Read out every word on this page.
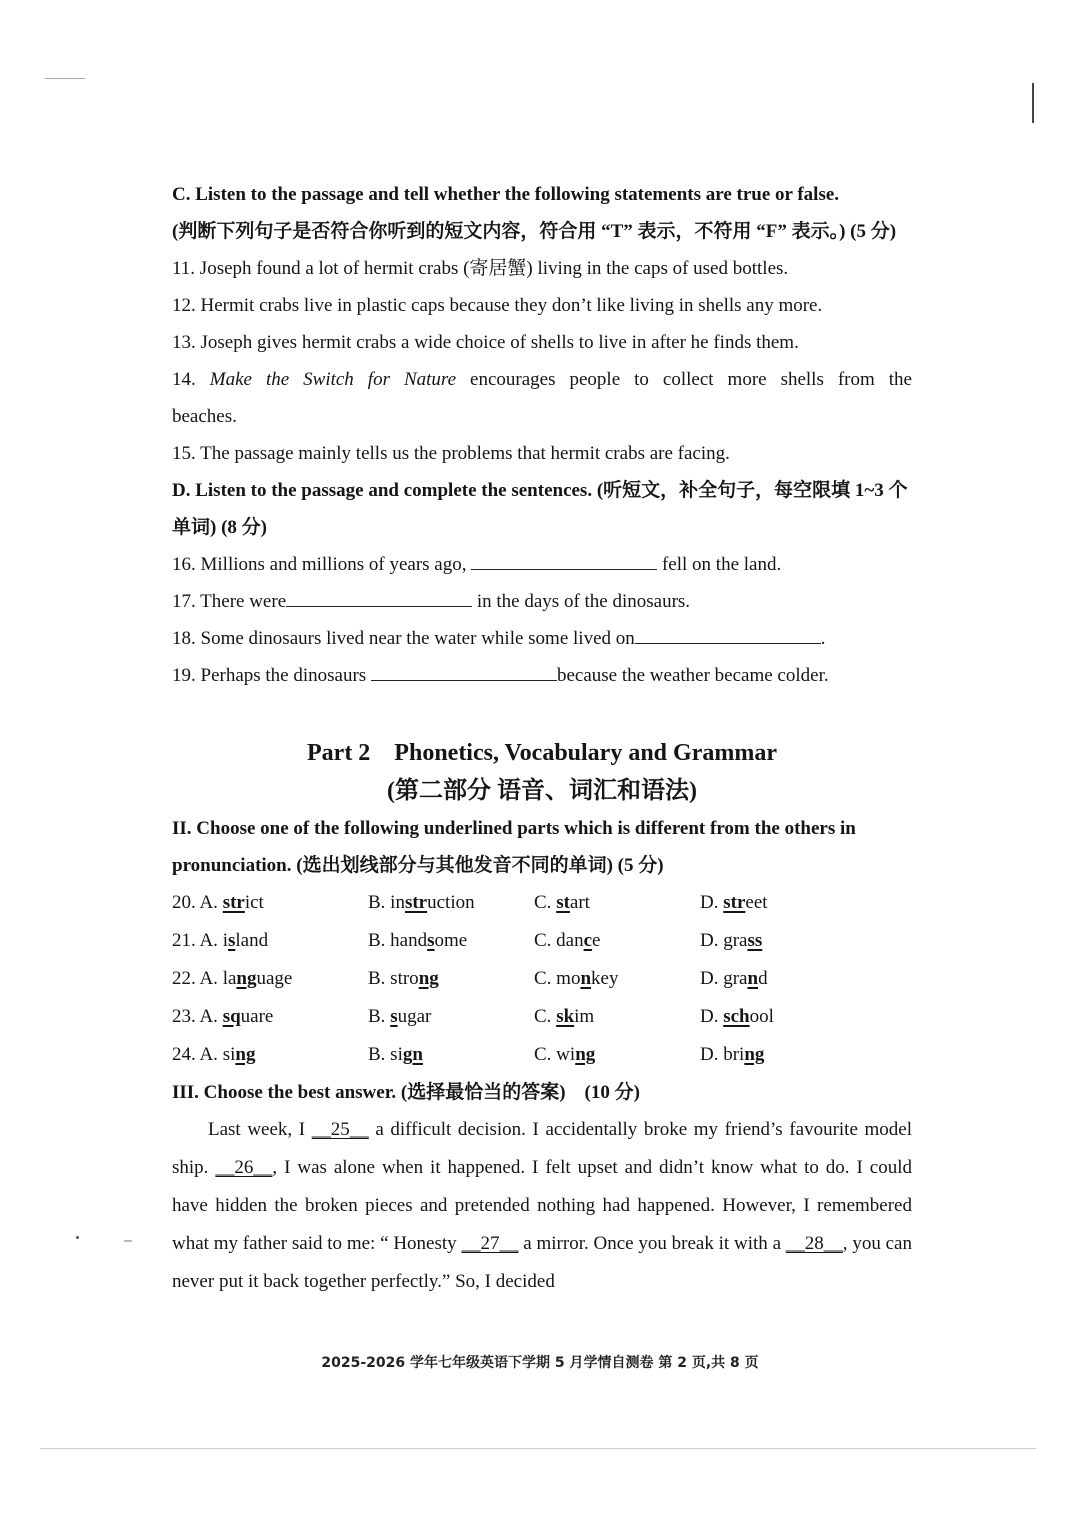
C. Listen to the passage and tell whether the following statements are true or false.
(判断下列句子是否符合你听到的短文内容，符合用 “T” 表示，不符用 “F” 表示。) (5 分)
11. Joseph found a lot of hermit crabs (寄居蟹) living in the caps of used bottles.
12. Hermit crabs live in plastic caps because they don’t like living in shells any more.
13. Joseph gives hermit crabs a wide choice of shells to live in after he finds them.
14. Make the Switch for Nature encourages people to collect more shells from the
beaches.
15. The passage mainly tells us the problems that hermit crabs are facing.
D. Listen to the passage and complete the sentences. (听短文，补全句子，每空限填 1~3 个单词) (8 分)
16. Millions and millions of years ago,	fell on the land.
17. There were	in the days of the dinosaurs.
18. Some dinosaurs lived near the water while some lived on	.
19. Perhaps the dinosaurs	because the weather became colder.
Part 2    Phonetics, Vocabulary and Grammar
(第二部分 语音、词汇和语法)
II. Choose one of the following underlined parts which is different from the others in pronunciation. (选出划线部分与其他发音不同的单词) (5 分)
20. A. strict	B. instruction	C. start	D. street
21. A. island	B. handsome	C. dance	D. grass
22. A. language	B. strong	C. monkey	D. grand
23. A. square	B. sugar	C. skim	D. school
24. A. sing	B. sign	C. wing	D. bring
III. Choose the best answer. (选择最恰当的答案)    (10 分)

Last week, I __25__ a difficult decision. I accidentally broke my friend’s favourite model ship. __26__, I was alone when it happened. I felt upset and didn’t know what to do. I could have hidden the broken pieces and pretended nothing had happened. However, I remembered what my father said to me: “ Honesty __27__ a mirror. Once you break it with a __28__, you can never put it back together perfectly.” So, I decided

2025-2026 学年七年级英语下学期 5 月学情自测卷 第 2 页,共 8 页
